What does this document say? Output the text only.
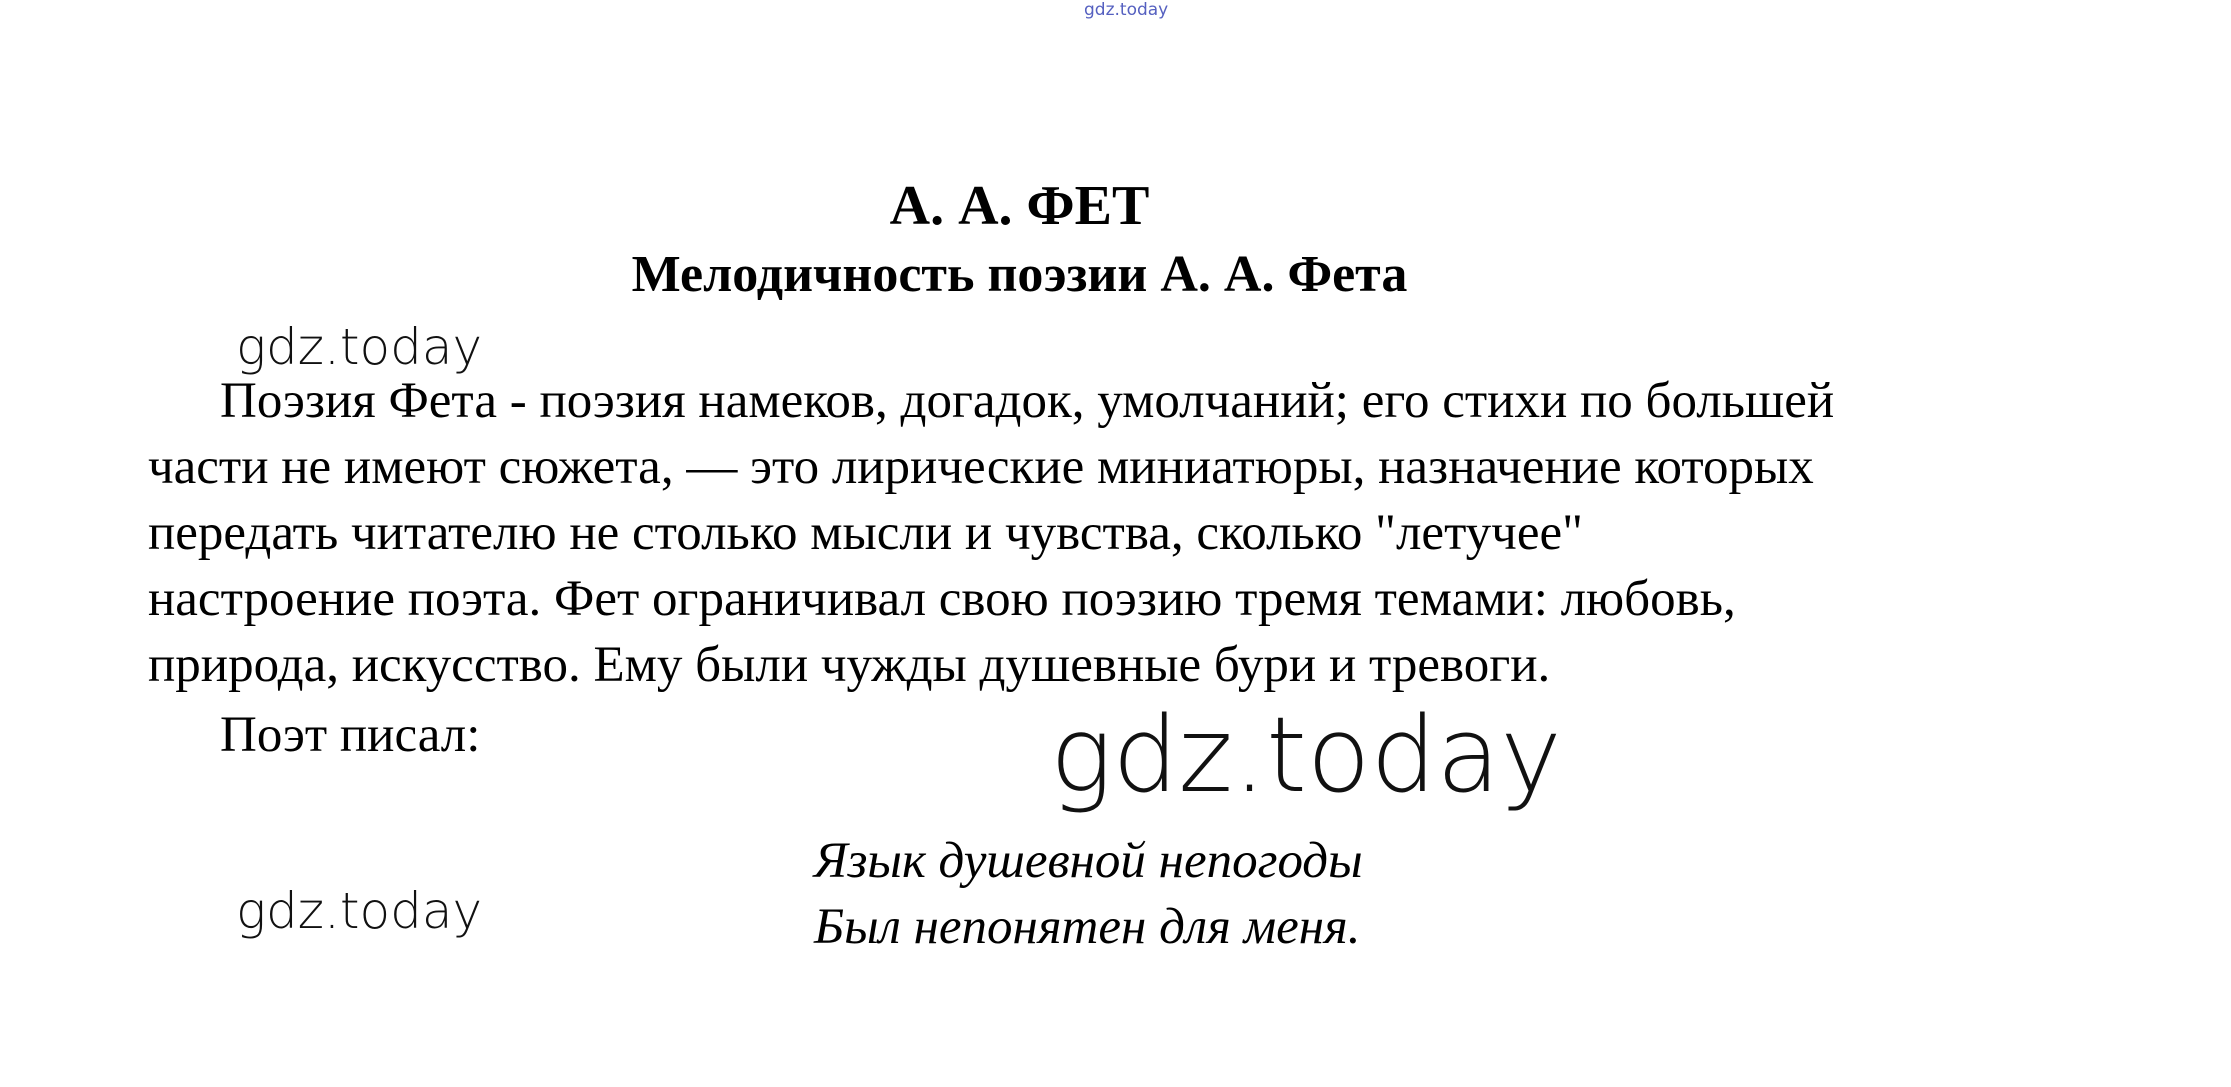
gdz.today
gdz.today
gdz.today
gdz.today
А. А. ФЕТ
Мелодичность поэзии А. А. Фета
Поэзия Фета - поэзия намеков, догадок, умолчаний; его стихи по большей
части не имеют сюжета, — это лирические миниатюры, назначение которых
передать читателю не столько мысли и чувства, сколько "летучее"
настроение поэта. Фет ограничивал свою поэзию тремя темами: любовь,
природа, искусство. Ему были чужды душевные бури и тревоги.
Поэт писал:
Язык душевной непогоды
Был непонятен для меня.
